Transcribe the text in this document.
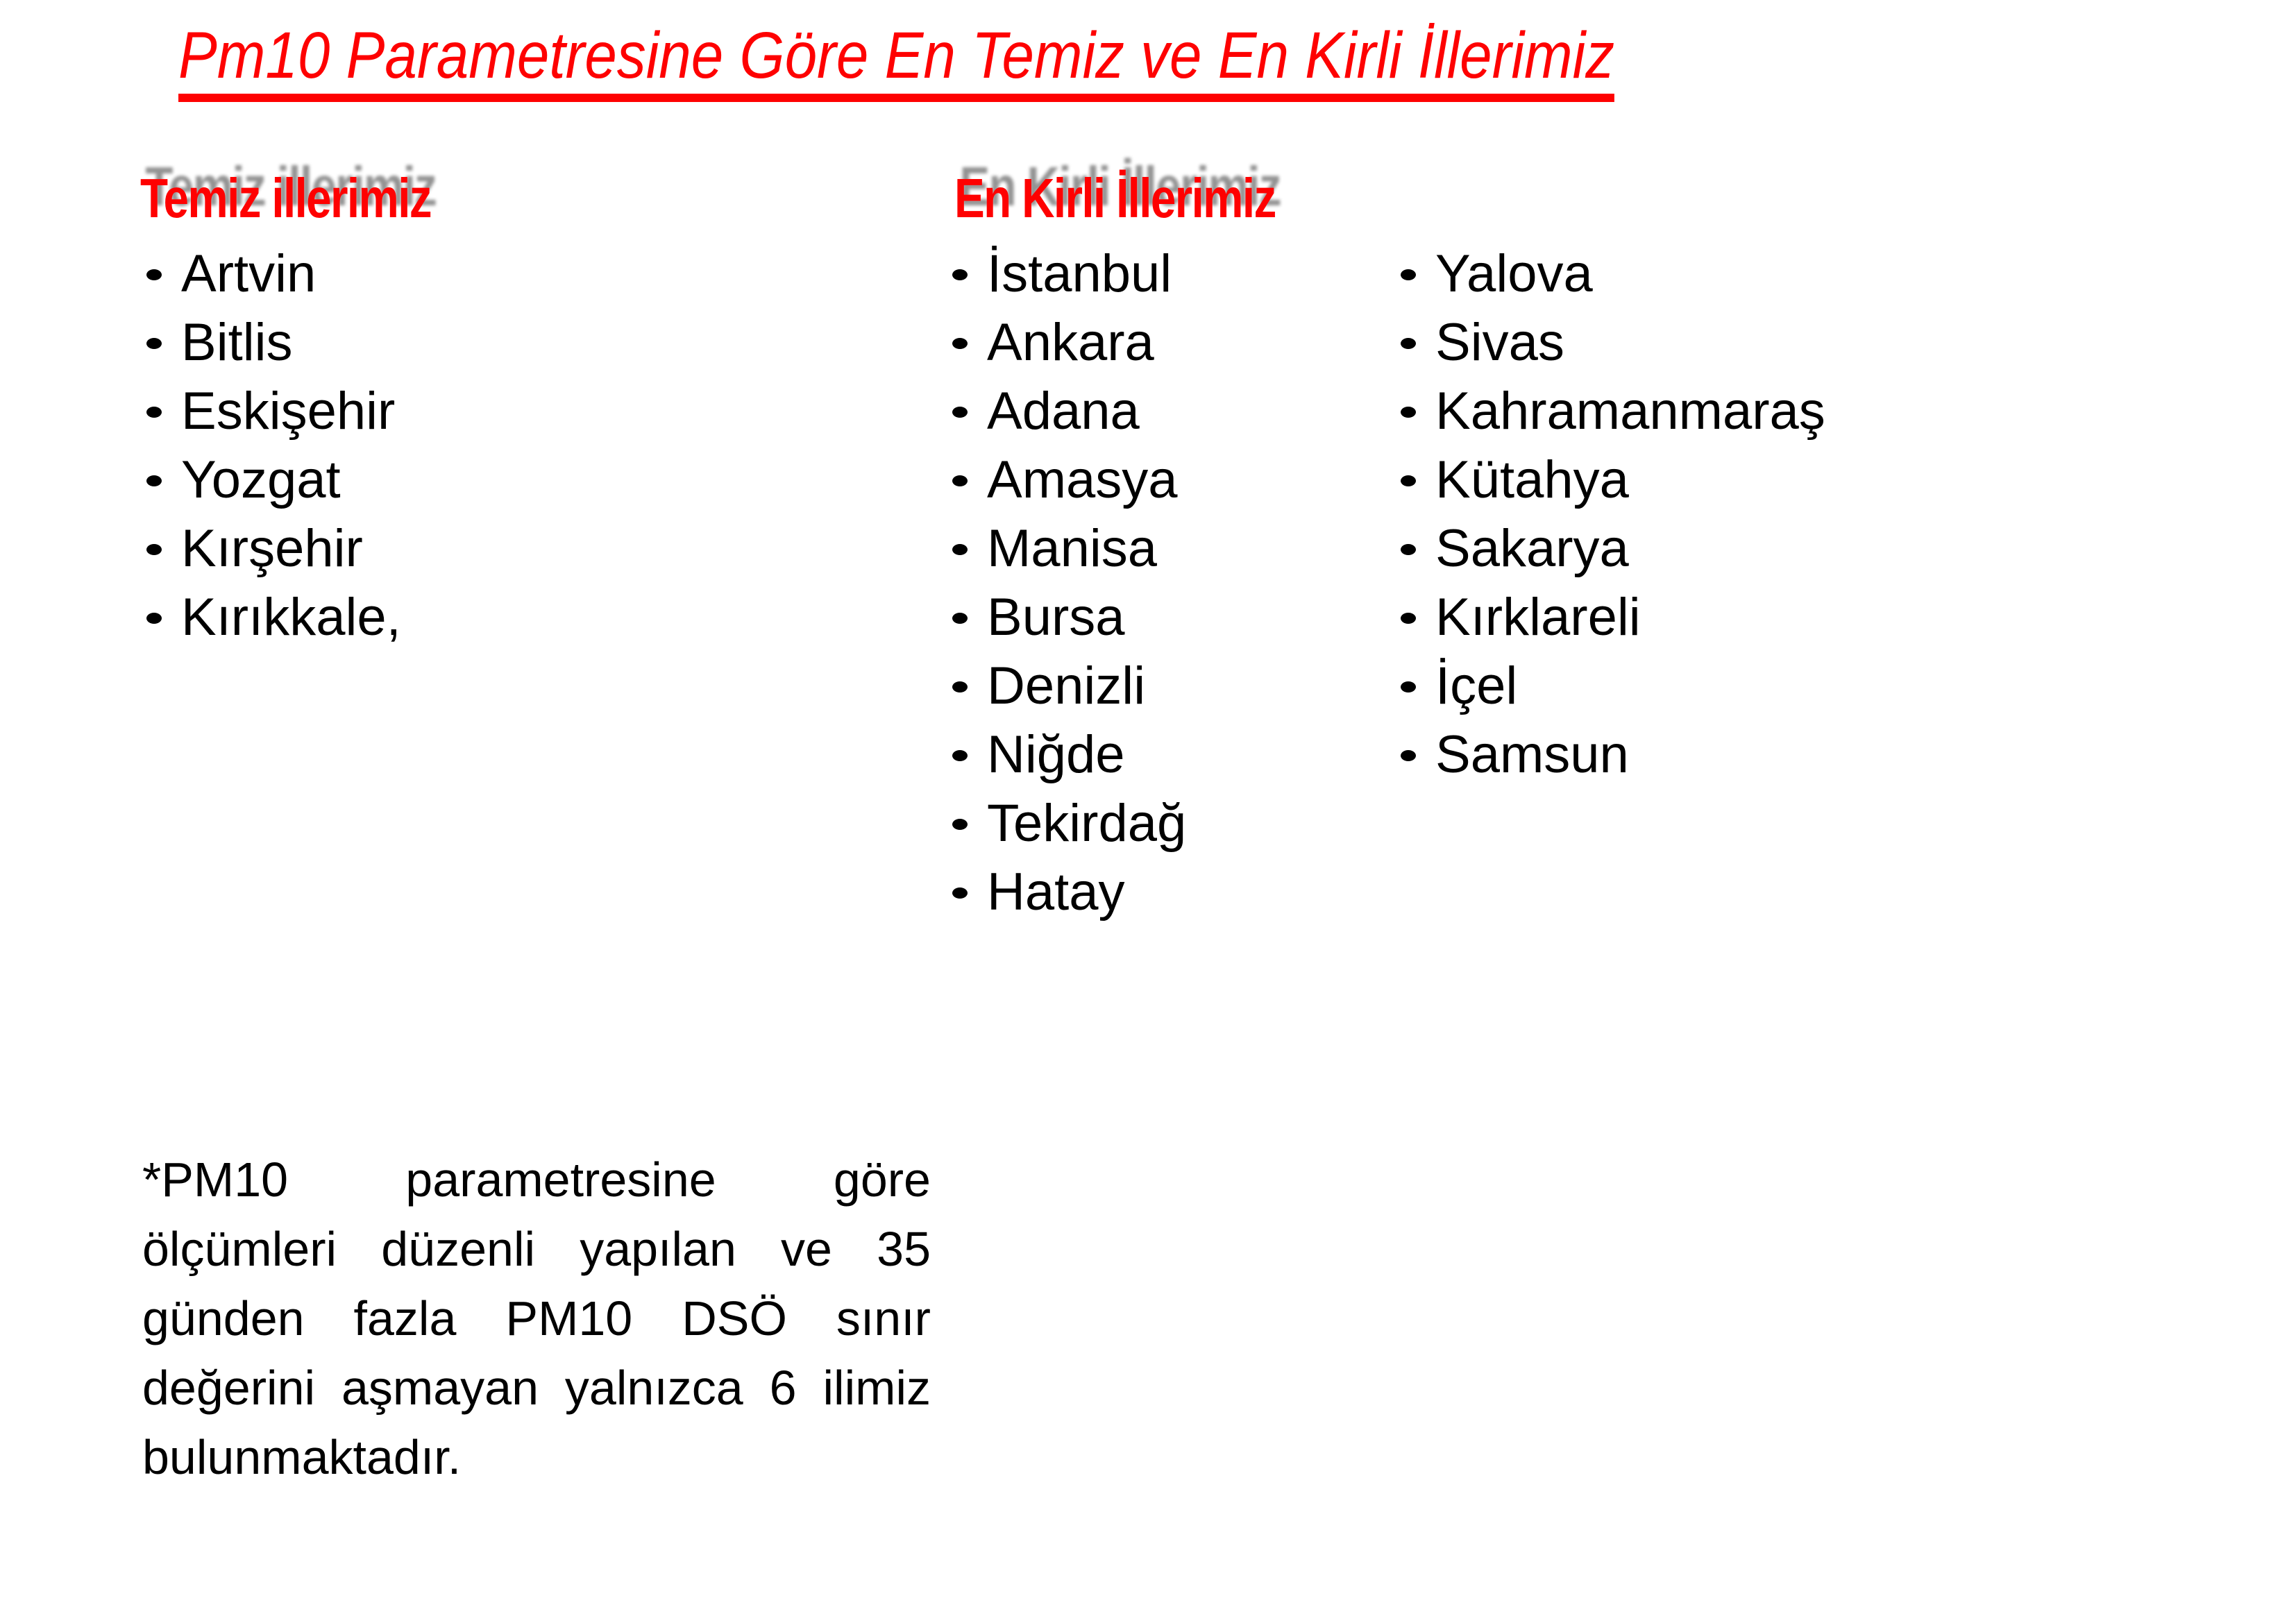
Pm10 Parametresine Göre En Temiz ve En Kirli İllerimiz
Temiz illerimiz	En Kirli İllerimiz
Artvin
Bitlis
Eskişehir
Yozgat
Kırşehir
Kırıkkale,
İstanbul
Ankara
Adana
Amasya
Manisa
Bursa
Denizli
Niğde
Tekirdağ
Hatay
Yalova
Sivas
Kahramanmaraş
Kütahya
Sakarya
Kırklareli
İçel
Samsun
*PM10 parametresine göre
ölçümleri düzenli yapılan ve 35
günden fazla PM10 DSÖ sınır
değerini aşmayan yalnızca 6 ilimiz
bulunmaktadır.
